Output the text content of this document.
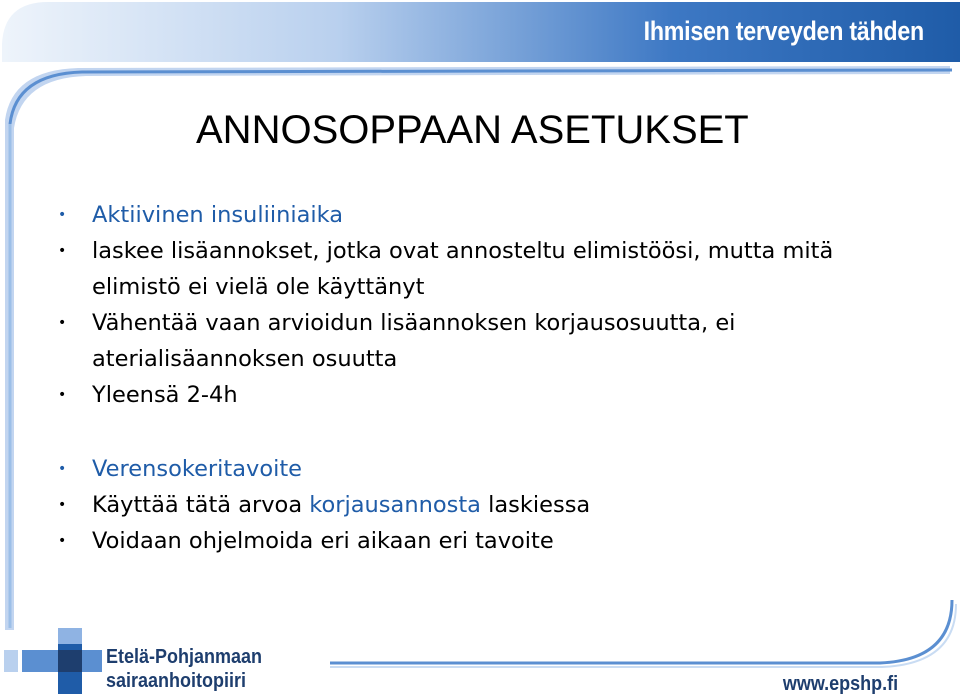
Ihmisen terveyden tähden
ANNOSOPPAAN ASETUKSET
• Aktiivinen insuliiniaika
• laskee lisäannokset, jotka ovat annosteltu elimistöösi, mutta mitä elimistö ei vielä ole käyttänyt
• Vähentää vaan arvioidun lisäannoksen korjausosuutta, ei aterialisäannoksen osuutta
• Yleensä 2-4h
• Verensokeritavoite
• Käyttää tätä arvoa korjausannosta laskiessa
• Voidaan ohjelmoida eri aikaan eri tavoite
Etelä-Pohjanmaan
sairaanhoitopiiri	www.epshp.fi
